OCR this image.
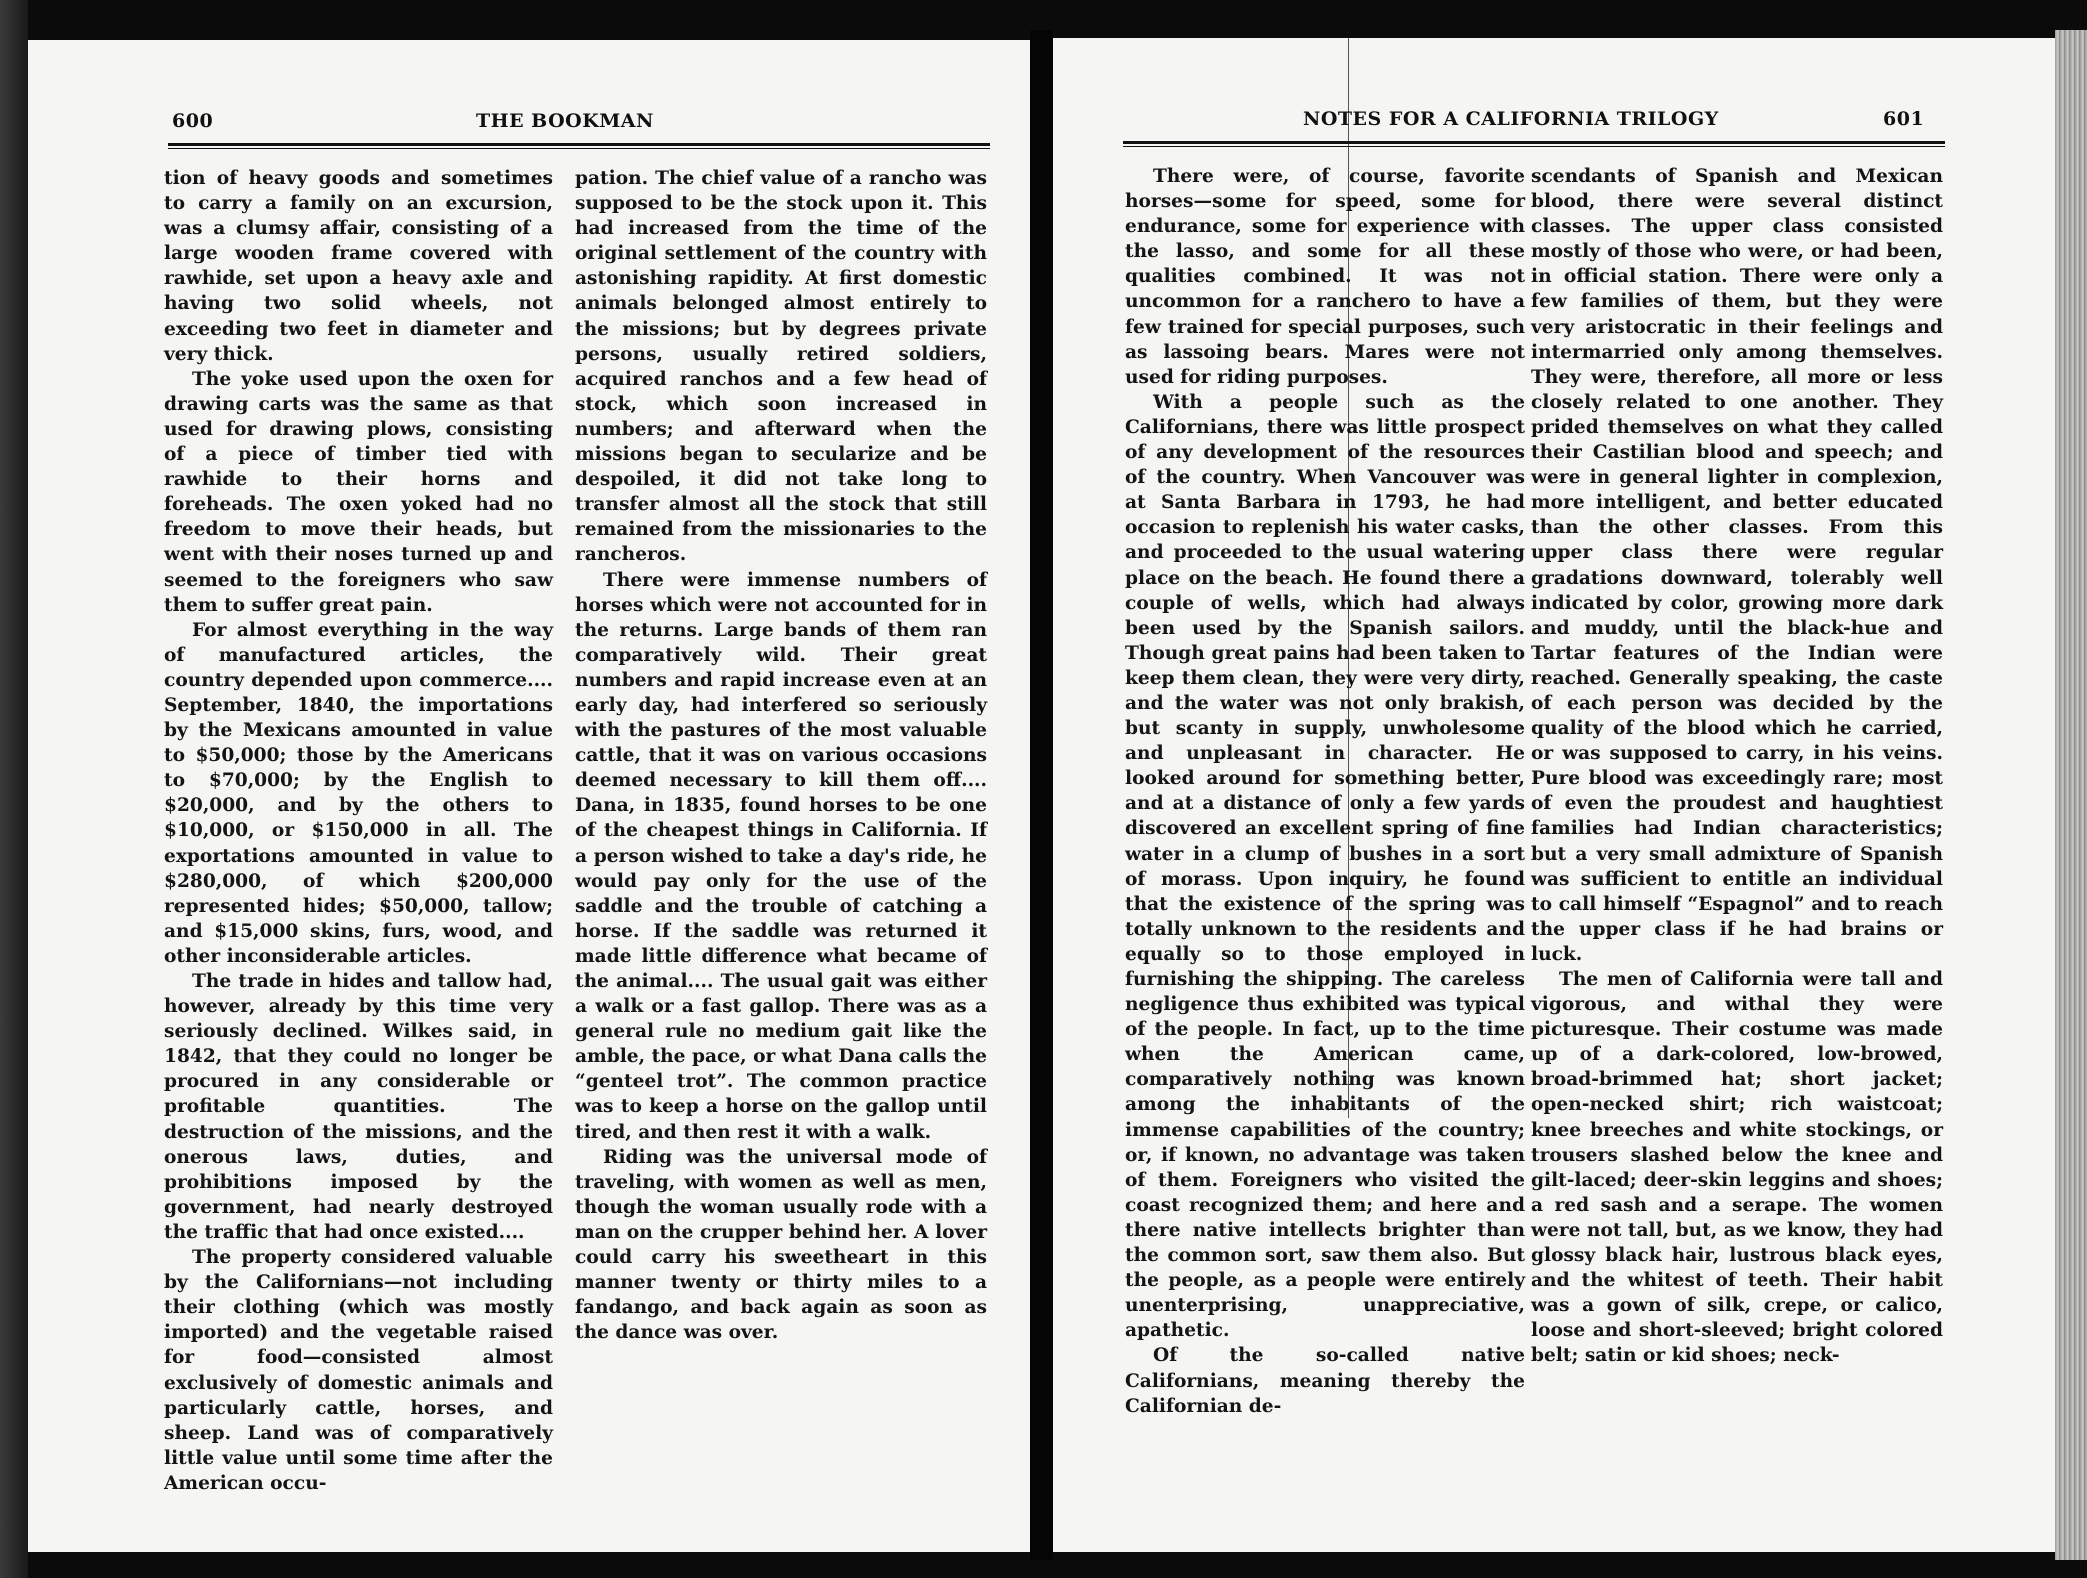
600	THE BOOKMAN

tion of heavy goods and sometimes to carry a family on an excursion, was a clumsy affair, consisting of a large wooden frame covered with rawhide, set upon a heavy axle and having two solid wheels, not exceeding two feet in diameter and very thick.

The yoke used upon the oxen for drawing carts was the same as that used for drawing plows, consisting of a piece of timber tied with rawhide to their horns and foreheads. The oxen yoked had no freedom to move their heads, but went with their noses turned up and seemed to the foreigners who saw them to suffer great pain.

For almost everything in the way of manufactured articles, the country depended upon commerce.... September, 1840, the importations by the Mexicans amounted in value to $50,000; those by the Americans to $70,000; by the English to $20,000, and by the others to $10,000, or $150,000 in all. The exportations amounted in value to $280,000, of which $200,000 represented hides; $50,000, tallow; and $15,000 skins, furs, wood, and other inconsiderable articles.

The trade in hides and tallow had, however, already by this time very seriously declined. Wilkes said, in 1842, that they could no longer be procured in any considerable or profitable quantities. The destruction of the missions, and the onerous laws, duties, and prohibitions imposed by the government, had nearly destroyed the traffic that had once existed....

The property considered valuable by the Californians—not including their clothing (which was mostly imported) and the vegetable raised for food—consisted almost exclusively of domestic animals and particularly cattle, horses, and sheep. Land was of comparatively little value until some time after the American occu-

pation. The chief value of a rancho was supposed to be the stock upon it. This had increased from the time of the original settlement of the country with astonishing rapidity. At first domestic animals belonged almost entirely to the missions; but by degrees private persons, usually retired soldiers, acquired ranchos and a few head of stock, which soon increased in numbers; and afterward when the missions began to secularize and be despoiled, it did not take long to transfer almost all the stock that still remained from the missionaries to the rancheros.

There were immense numbers of horses which were not accounted for in the returns. Large bands of them ran comparatively wild. Their great numbers and rapid increase even at an early day, had interfered so seriously with the pastures of the most valuable cattle, that it was on various occasions deemed necessary to kill them off.... Dana, in 1835, found horses to be one of the cheapest things in California. If a person wished to take a day's ride, he would pay only for the use of the saddle and the trouble of catching a horse. If the saddle was returned it made little difference what became of the animal.... The usual gait was either a walk or a fast gallop. There was as a general rule no medium gait like the amble, the pace, or what Dana calls the “genteel trot”. The common practice was to keep a horse on the gallop until tired, and then rest it with a walk.

Riding was the universal mode of traveling, with women as well as men, though the woman usually rode with a man on the crupper behind her. A lover could carry his sweetheart in this manner twenty or thirty miles to a fandango, and back again as soon as the dance was over.

NOTES FOR A CALIFORNIA TRILOGY	601

There were, of course, favorite horses—some for speed, some for endurance, some for experience with the lasso, and some for all these qualities combined. It was not uncommon for a ranchero to have a few trained for special purposes, such as lassoing bears. Mares were not used for riding purposes.

With a people such as the Californians, there was little prospect of any development of the resources of the country. When Vancouver was at Santa Barbara in 1793, he had occasion to replenish his water casks, and proceeded to the usual watering place on the beach. He found there a couple of wells, which had always been used by the Spanish sailors. Though great pains had been taken to keep them clean, they were very dirty, and the water was not only brakish, but scanty in supply, unwholesome and unpleasant in character. He looked around for something better, and at a distance of only a few yards discovered an excellent spring of fine water in a clump of bushes in a sort of morass. Upon inquiry, he found that the existence of the spring was totally unknown to the residents and equally so to those employed in furnishing the shipping. The careless negligence thus exhibited was typical of the people. In fact, up to the time when the American came, comparatively nothing was known among the inhabitants of the immense capabilities of the country; or, if known, no advantage was taken of them. Foreigners who visited the coast recognized them; and here and there native intellects brighter than the common sort, saw them also. But the people, as a people were entirely unenterprising, unappreciative, apathetic.

Of the so-called native Californians, meaning thereby the Californian de-

scendants of Spanish and Mexican blood, there were several distinct classes. The upper class consisted mostly of those who were, or had been, in official station. There were only a few families of them, but they were very aristocratic in their feelings and intermarried only among themselves. They were, therefore, all more or less closely related to one another. They prided themselves on what they called their Castilian blood and speech; and were in general lighter in complexion, more intelligent, and better educated than the other classes. From this upper class there were regular gradations downward, tolerably well indicated by color, growing more dark and muddy, until the black-hue and Tartar features of the Indian were reached. Generally speaking, the caste of each person was decided by the quality of the blood which he carried, or was supposed to carry, in his veins. Pure blood was exceedingly rare; most of even the proudest and haughtiest families had Indian characteristics; but a very small admixture of Spanish was sufficient to entitle an individual to call himself “Espagnol” and to reach the upper class if he had brains or luck.

The men of California were tall and vigorous, and withal they were picturesque. Their costume was made up of a dark-colored, low-browed, broad-brimmed hat; short jacket; open-necked shirt; rich waistcoat; knee breeches and white stockings, or trousers slashed below the knee and gilt-laced; deer-skin leggins and shoes; a red sash and a serape. The women were not tall, but, as we know, they had glossy black hair, lustrous black eyes, and the whitest of teeth. Their habit was a gown of silk, crepe, or calico, loose and short-sleeved; bright colored belt; satin or kid shoes; neck-
